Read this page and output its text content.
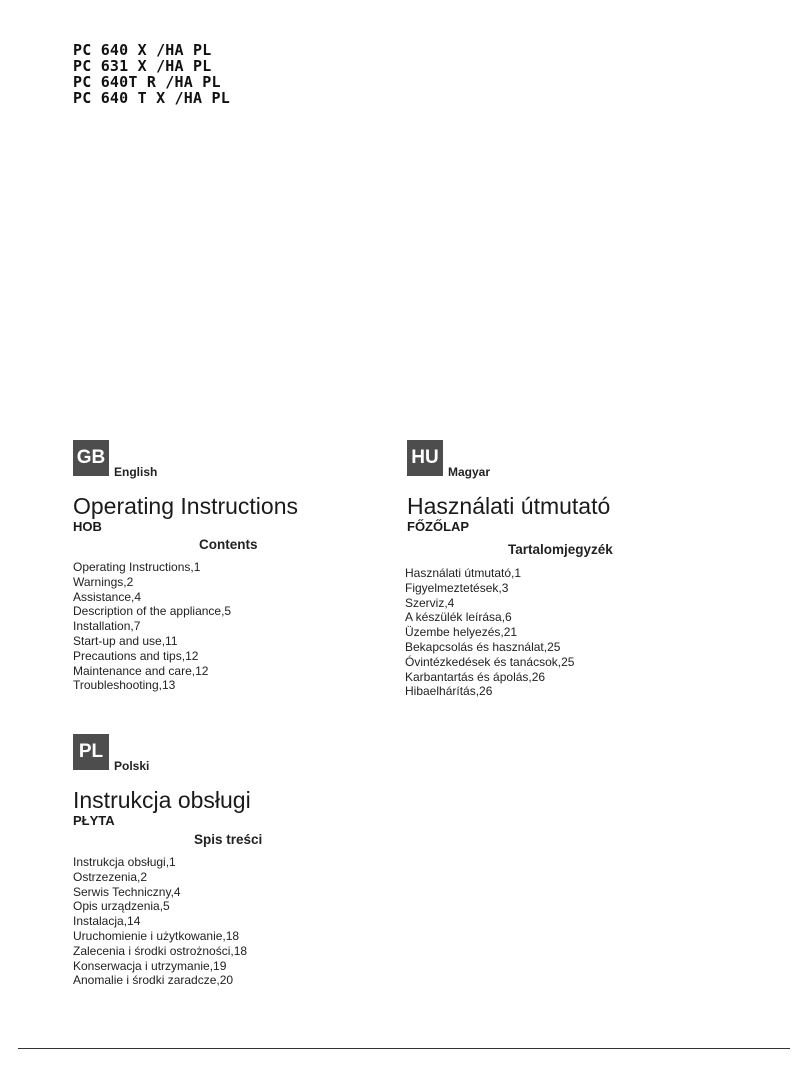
PC 640 X /HA PL
PC 631 X /HA PL
PC 640T R /HA PL
PC 640 T X /HA PL
GB
English
Operating Instructions
HOB
Contents
Operating Instructions,1
Warnings,2
Assistance,4
Description of the appliance,5
Installation,7
Start-up and use,11
Precautions and tips,12
Maintenance and care,12
Troubleshooting,13
HU
Magyar
Használati útmutató
FŐZŐLAP
Tartalomjegyzék
Használati útmutató,1
Figyelmeztetések,3
Szerviz,4
A készülék leírása,6
Üzembe helyezés,21
Bekapcsolás és használat,25
Óvintézkedések és tanácsok,25
Karbantartás és ápolás,26
Hibaelhárítás,26
PL
Polski
Instrukcja obsługi
PŁYTA
Spis treści
Instrukcja obsługi,1
Ostrzezenia,2
Serwis Techniczny,4
Opis urządzenia,5
Instalacja,14
Uruchomienie i użytkowanie,18
Zalecenia i środki ostrożności,18
Konserwacja i utrzymanie,19
Anomalie i środki zaradcze,20
